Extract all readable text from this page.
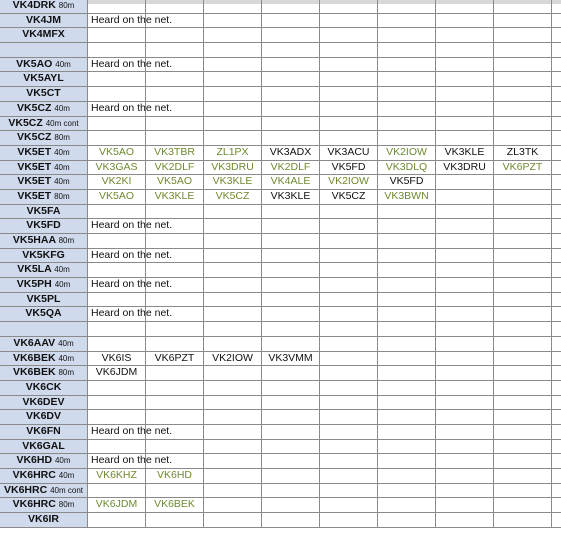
VK4DRK 80m
VK4JM	Heard on the net.
VK4MFX
VK5AO 40m	Heard on the net.
VK5AYL
VK5CT
VK5CZ 40m	Heard on the net.
VK5CZ 40m cont
VK5CZ 80m
VK5ET 40m	VK5AO	VK3TBR	ZL1PX	VK3ADX	VK3ACU	VK2IOW	VK3KLE	ZL3TK
VK5ET 40m	VK3GAS	VK2DLF	VK3DRU	VK2DLF	VK5FD	VK3DLQ	VK3DRU	VK6PZT
VK5ET 40m	VK2KI	VK5AO	VK3KLE	VK4ALE	VK2IOW	VK5FD
VK5ET 80m	VK5AO	VK3KLE	VK5CZ	VK3KLE	VK5CZ	VK3BWN
VK5FA
VK5FD	Heard on the net.
VK5HAA 80m
VK5KFG	Heard on the net.
VK5LA 40m
VK5PH 40m	Heard on the net.
VK5PL
VK5QA	Heard on the net.
VK6AAV 40m
VK6BEK 40m	VK6IS	VK6PZT	VK2IOW	VK3VMM
VK6BEK 80m	VK6JDM
VK6CK
VK6DEV
VK6DV
VK6FN	Heard on the net.
VK6GAL
VK6HD 40m	Heard on the net.
VK6HRC 40m	VK6KHZ	VK6HD
VK6HRC 40m cont
VK6HRC 80m	VK6JDM	VK6BEK
VK6IR
